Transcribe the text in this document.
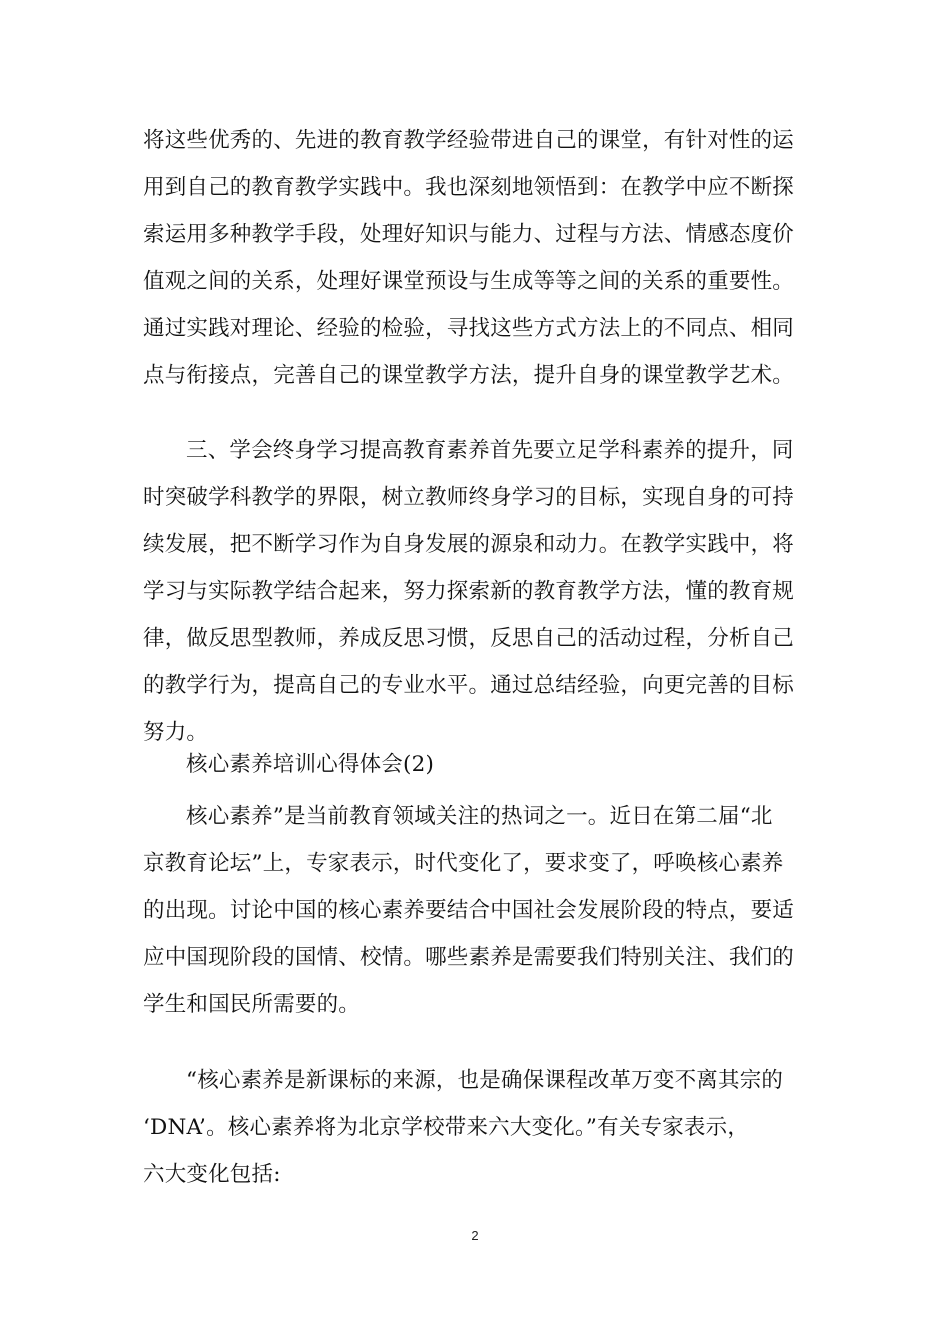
将这些优秀的、先进的教育教学经验带进自己的课堂，有针对性的运
用到自己的教育教学实践中。我也深刻地领悟到：在教学中应不断探
索运用多种教学手段，处理好知识与能力、过程与方法、情感态度价
值观之间的关系，处理好课堂预设与生成等等之间的关系的重要性。
通过实践对理论、经验的检验，寻找这些方式方法上的不同点、相同
点与衔接点，完善自己的课堂教学方法，提升自身的课堂教学艺术。
三、学会终身学习提高教育素养首先要立足学科素养的提升，同
时突破学科教学的界限，树立教师终身学习的目标，实现自身的可持
续发展，把不断学习作为自身发展的源泉和动力。在教学实践中，将
学习与实际教学结合起来，努力探索新的教育教学方法，懂的教育规
律，做反思型教师，养成反思习惯，反思自己的活动过程，分析自己
的教学行为，提高自己的专业水平。通过总结经验，向更完善的目标
努力。
核心素养培训心得体会(2)
核心素养”是当前教育领域关注的热词之一。近日在第二届“北
京教育论坛”上，专家表示，时代变化了，要求变了，呼唤核心素养
的出现。讨论中国的核心素养要结合中国社会发展阶段的特点，要适
应中国现阶段的国情、校情。哪些素养是需要我们特别关注、我们的
学生和国民所需要的。
“核心素养是新课标的来源，也是确保课程改革万变不离其宗的
‘DNA’。核心素养将为北京学校带来六大变化。”有关专家表示，
六大变化包括:
2
